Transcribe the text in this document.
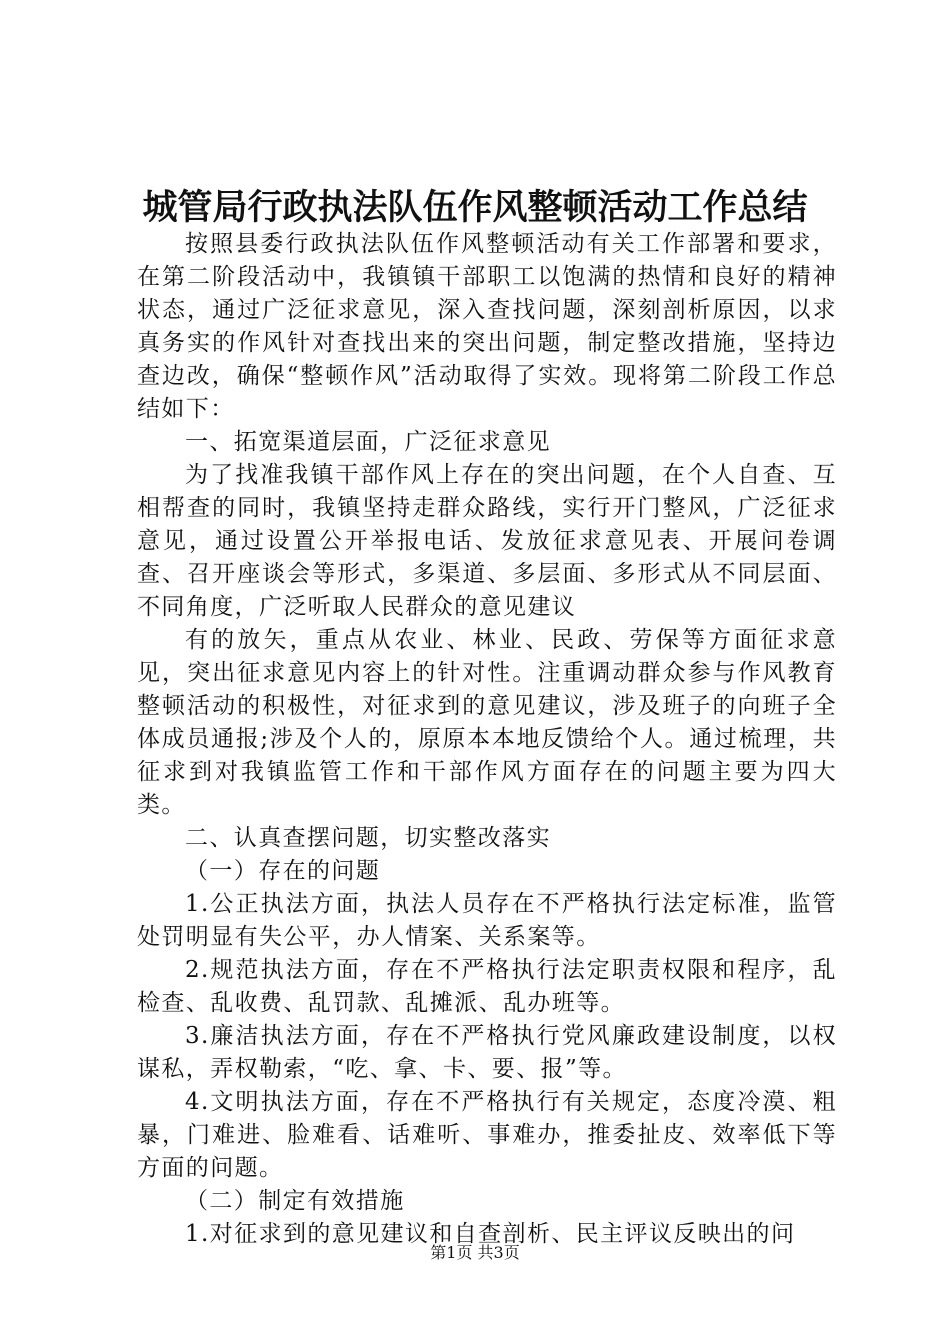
城管局行政执法队伍作风整顿活动工作总结

按照县委行政执法队伍作风整顿活动有关工作部署和要求，在第二阶段活动中，我镇镇干部职工以饱满的热情和良好的精神状态，通过广泛征求意见，深入查找问题，深刻剖析原因，以求真务实的作风针对查找出来的突出问题，制定整改措施，坚持边查边改，确保“整顿作风”活动取得了实效。现将第二阶段工作总结如下：

一、拓宽渠道层面，广泛征求意见

为了找准我镇干部作风上存在的突出问题，在个人自查、互相帮查的同时，我镇坚持走群众路线，实行开门整风，广泛征求意见，通过设置公开举报电话、发放征求意见表、开展问卷调查、召开座谈会等形式，多渠道、多层面、多形式从不同层面、不同角度，广泛听取人民群众的意见建议

有的放矢，重点从农业、林业、民政、劳保等方面征求意见，突出征求意见内容上的针对性。注重调动群众参与作风教育整顿活动的积极性，对征求到的意见建议，涉及班子的向班子全体成员通报;涉及个人的，原原本本地反馈给个人。通过梳理，共征求到对我镇监管工作和干部作风方面存在的问题主要为四大类。

二、认真查摆问题，切实整改落实

（一）存在的问题

1.公正执法方面，执法人员存在不严格执行法定标准，监管处罚明显有失公平，办人情案、关系案等。

2.规范执法方面，存在不严格执行法定职责权限和程序，乱检查、乱收费、乱罚款、乱摊派、乱办班等。

3.廉洁执法方面，存在不严格执行党风廉政建设制度，以权谋私，弄权勒索，“吃、拿、卡、要、报”等。

4.文明执法方面，存在不严格执行有关规定，态度冷漠、粗暴，门难进、脸难看、话难听、事难办，推委扯皮、效率低下等方面的问题。

（二）制定有效措施

1.对征求到的意见建议和自查剖析、民主评议反映出的问

第1页 共3页
